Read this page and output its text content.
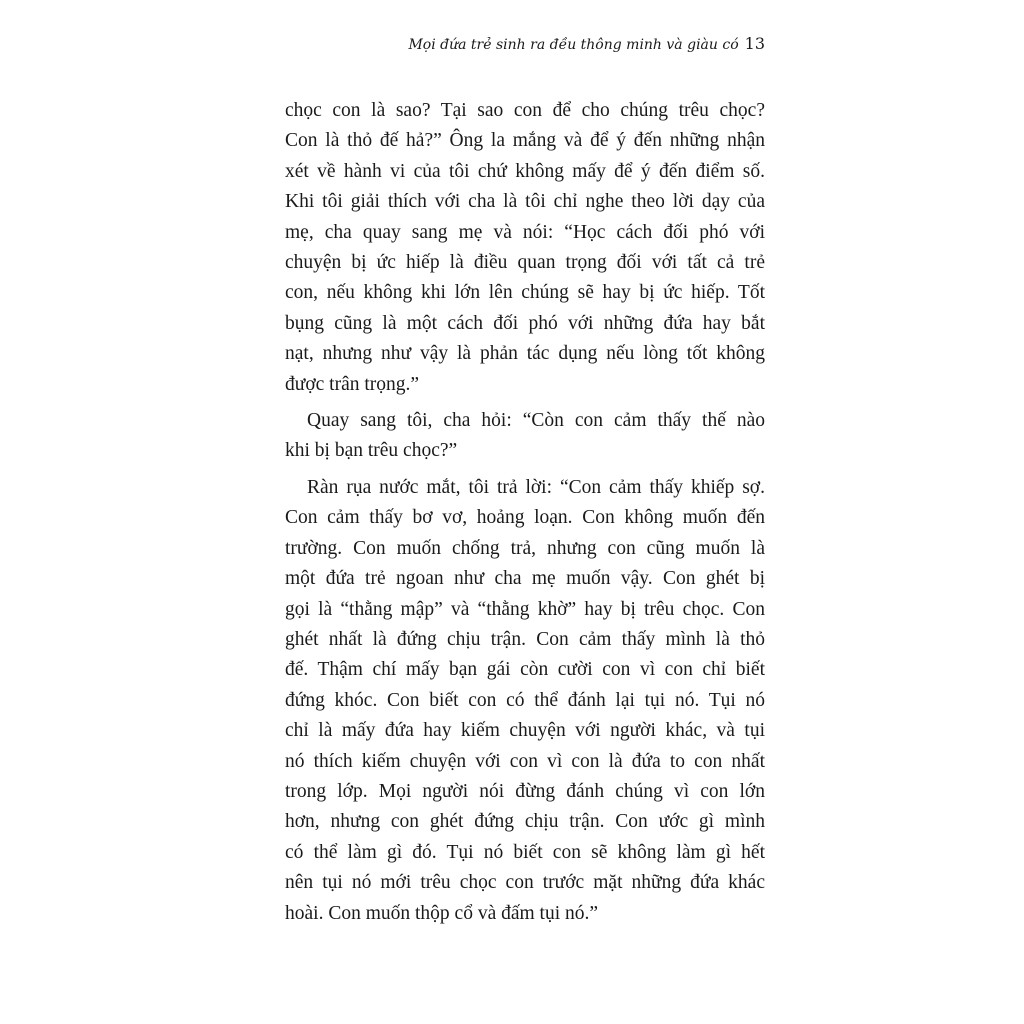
Mọi đứa trẻ sinh ra đều thông minh và giàu có 13
chọc con là sao? Tại sao con để cho chúng trêu chọc?
Con là thỏ đế hả?” Ông la mắng và để ý đến những nhận
xét về hành vi của tôi chứ không mấy để ý đến điểm số.
Khi tôi giải thích với cha là tôi chỉ nghe theo lời dạy của
mẹ, cha quay sang mẹ và nói: “Học cách đối phó với
chuyện bị ức hiếp là điều quan trọng đối với tất cả trẻ
con, nếu không khi lớn lên chúng sẽ hay bị ức hiếp. Tốt
bụng cũng là một cách đối phó với những đứa hay bắt
nạt, nhưng như vậy là phản tác dụng nếu lòng tốt không
được trân trọng.”
Quay sang tôi, cha hỏi: “Còn con cảm thấy thế nào
khi bị bạn trêu chọc?”
Ràn rụa nước mắt, tôi trả lời: “Con cảm thấy khiếp sợ.
Con cảm thấy bơ vơ, hoảng loạn. Con không muốn đến
trường. Con muốn chống trả, nhưng con cũng muốn là
một đứa trẻ ngoan như cha mẹ muốn vậy. Con ghét bị
gọi là “thằng mập” và “thằng khờ” hay bị trêu chọc. Con
ghét nhất là đứng chịu trận. Con cảm thấy mình là thỏ
đế. Thậm chí mấy bạn gái còn cười con vì con chỉ biết
đứng khóc. Con biết con có thể đánh lại tụi nó. Tụi nó
chỉ là mấy đứa hay kiếm chuyện với người khác, và tụi
nó thích kiếm chuyện với con vì con là đứa to con nhất
trong lớp. Mọi người nói đừng đánh chúng vì con lớn
hơn, nhưng con ghét đứng chịu trận. Con ước gì mình
có thể làm gì đó. Tụi nó biết con sẽ không làm gì hết
nên tụi nó mới trêu chọc con trước mặt những đứa khác
hoài. Con muốn thộp cổ và đấm tụi nó.”
